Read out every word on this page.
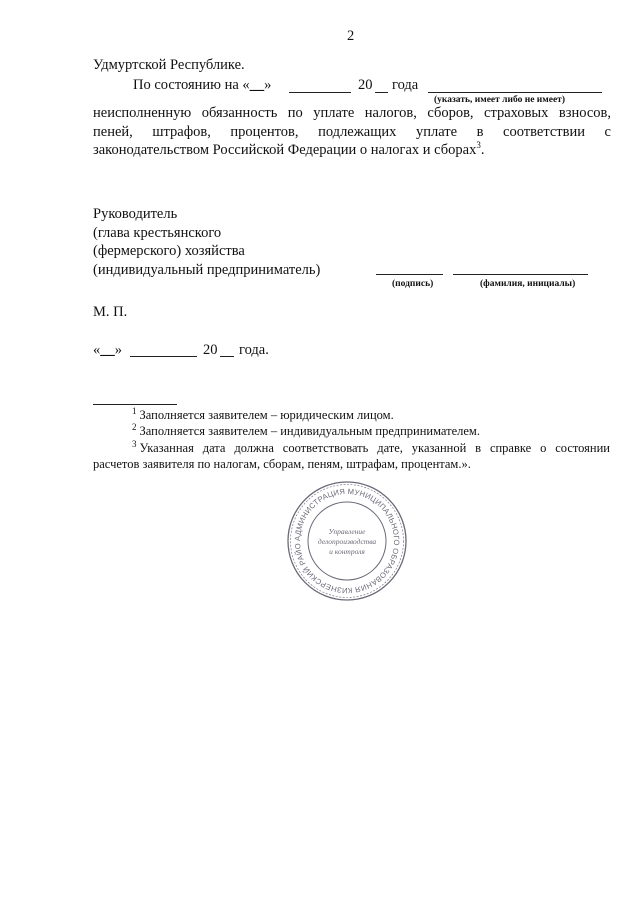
2
Удмуртской Республике.
По состоянию на «__»	20 года
(указать, имеет либо не имеет)
неисполненную обязанность по уплате налогов, сборов, страховых взносов,
пеней, штрафов, процентов, подлежащих уплате в соответствии с
законодательством Российской Федерации о налогах и сборах$^3$.
Руководитель
(глава крестьянского
(фермерского) хозяйства
(индивидуальный предприниматель)
(подпись)	(фамилия, инициалы)
М. П.
«__»	20 года.
$^1$ Заполняется заявителем – юридическим лицом.
$^2$ Заполняется заявителем – индивидуальным предпринимателем.
$^3$ Указанная дата должна соответствовать дате, указанной в справке о состоянии
расчетов заявителя по налогам, сборам, пеням, штрафам, процентам.».
АДМИНИСТРАЦИЯ МУНИЦИПАЛЬНОГО ОБРАЗОВАНИЯ КИЗНЕРСКИЙ РАЙО
Управление
делопроизводства
и контроля
